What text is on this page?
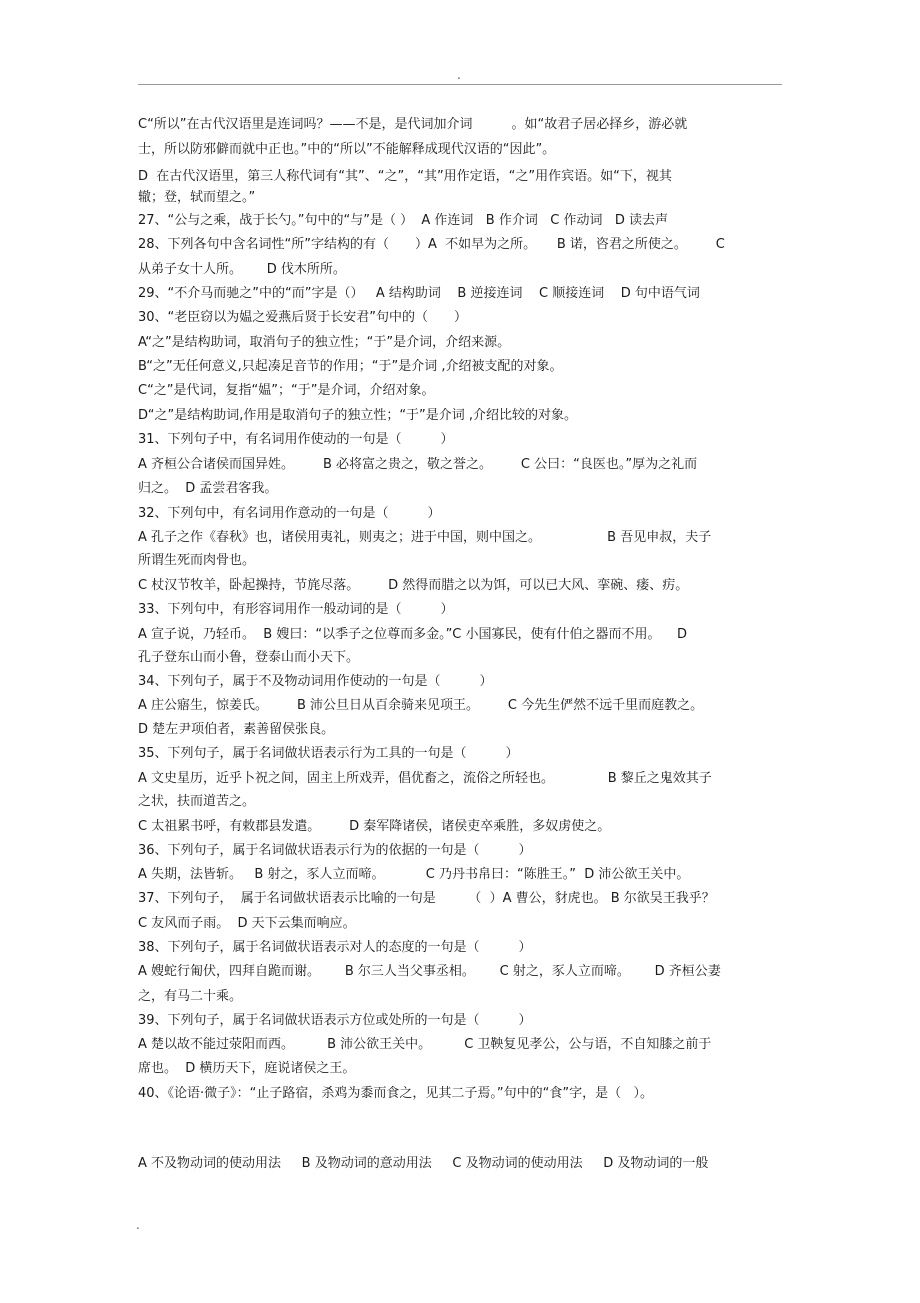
.
C“所以”在古代汉语里是连词吗？——不是，是代词加介词　　　。如“故君子居必择乡，游必就
士，所以防邪僻而就中正也。”中的“所以”不能解释成现代汉语的“因此”。
D  在古代汉语里，第三人称代词有“其”、“之”，“其”用作定语，“之”用作宾语。如“下，视其
辙；登，轼而望之。”
27、“公与之乘，战于长勺。”句中的“与”是（ ）  A 作连词   B 作介词   C 作动词   D 读去声
28、下列各句中含名词性“所”字结构的有（　　）A  不如早为之所。     B 诺，咨君之所使之。       C
从弟子女十人所。      D 伐木所所。
29、“不介马而驰之”中的“而”字是（）   A 结构助词    B 逆接连词    C 顺接连词    D 句中语气词
30、“老臣窃以为媪之爱燕后贤于长安君”句中的（　　）
A“之”是结构助词，取消句子的独立性；“于”是介词，介绍来源。
B“之”无任何意义,只起凑足音节的作用；“于”是介词 ,介绍被支配的对象。
C“之”是代词，复指“媪”；“于”是介词，介绍对象。
D“之”是结构助词,作用是取消句子的独立性；“于”是介词 ,介绍比较的对象。
31、下列句子中，有名词用作使动的一句是（　　　）
A 齐桓公合诸侯而国异姓。       B 必将富之贵之，敬之誉之。       C 公曰：“良医也。”厚为之礼而
归之。  D 孟尝君客我。
32、下列句中，有名词用作意动的一句是（　　　）
A 孔子之作《春秋》也，诸侯用夷礼，则夷之；进于中国，则中国之。                B 吾见申叔，夫子
所谓生死而肉骨也。
C 杖汉节牧羊，卧起操持，节旄尽落。       D 然得而腊之以为饵，可以已大风、挛碗、瘘、疠。
33、下列句中，有形容词用作一般动词的是（　　　）
A 宣子说，乃轻币。  B 嫂曰：“以季子之位尊而多金。”C 小国寡民，使有什伯之器而不用。    D
孔子登东山而小鲁，登泰山而小天下。
34、下列句子，属于不及物动词用作使动的一句是（　　　）
A 庄公寤生，惊姜氏。       B 沛公旦日从百余骑来见项王。       C 今先生俨然不远千里而庭教之。
D 楚左尹项伯者，素善留侯张良。
35、下列句子，属于名词做状语表示行为工具的一句是（　　　）
A 文史星历，近乎卜祝之间，固主上所戏弄，倡优畜之，流俗之所轻也。             B 黎丘之鬼效其子
之状，扶而道苦之。
C 太祖累书呼，有敕郡县发遣。       D 秦军降诸侯，诸侯吏卒乘胜，多奴虏使之。
36、下列句子，属于名词做状语表示行为的依据的一句是（　　　）
A 失期，法皆斩。   B 射之，豕人立而啼。          C 乃丹书帛曰：“陈胜王。”  D 沛公欲王关中。
37、下列句子，  属于名词做状语表示比喻的一句是　　　（  ）A 曹公，豺虎也。 B 尔欲吴王我乎？
C 友风而子雨。  D 天下云集而响应。
38、下列句子，属于名词做状语表示对人的态度的一句是（　　　）
A 嫂蛇行匍伏，四拜自跪而谢。      B 尔三人当父事丞相。      C 射之，豕人立而啼。      D 齐桓公妻
之，有马二十乘。
39、下列句子，属于名词做状语表示方位或处所的一句是（　　　）
A 楚以故不能过荥阳而西。        B 沛公欲王关中。        C 卫鞅复见孝公，公与语，不自知膝之前于
席也。  D 横历天下，庭说诸侯之王。
40、《论语·微子》：“止子路宿，杀鸡为黍而食之，见其二子焉。”句中的“食”字，是（   ）。
A 不及物动词的使动用法     B 及物动词的意动用法     C 及物动词的使动用法     D 及物动词的一般
.
